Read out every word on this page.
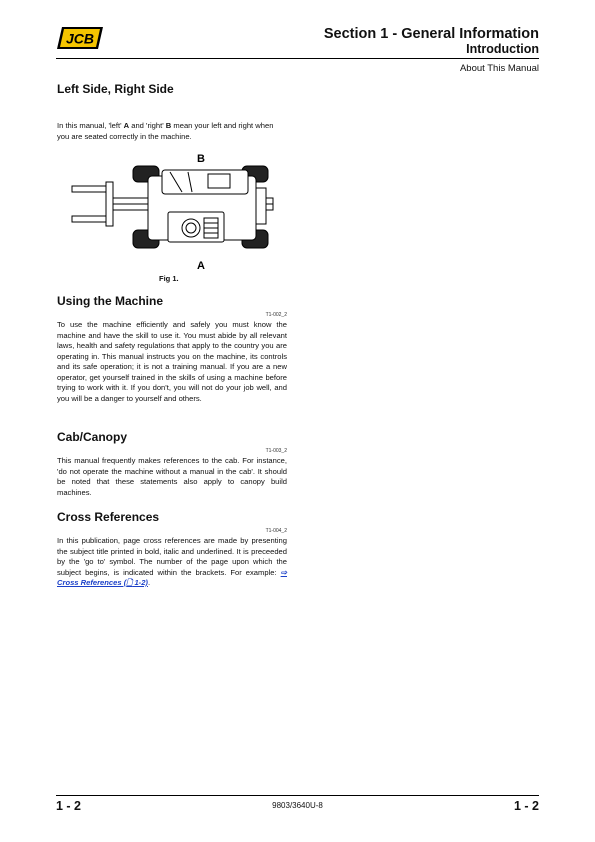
JCB	Section 1 - General Information
Introduction
About This Manual
Left Side, Right Side

In this manual, 'left' A and 'right' B mean your left and right when you are seated correctly in the machine.

B
A
Fig 1.
Using the Machine
T1-002_2

To use the machine efficiently and safely you must know the machine and have the skill to use it. You must abide by all relevant laws, health and safety regulations that apply to the country you are operating in. This manual instructs you on the machine, its controls and its safe operation; it is not a training manual. If you are a new operator, get yourself trained in the skills of using a machine before trying to work with it. If you don't, you will not do your job well, and you will be a danger to yourself and others.

Cab/Canopy
T1-003_2

This manual frequently makes references to the cab. For instance, 'do not operate the machine without a manual in the cab'. It should be noted that these statements also apply to canopy build machines.

Cross References
T1-004_2

In this publication, page cross references are made by presenting the subject title printed in bold, italic and underlined. It is preceeded by the 'go to' symbol. The number of the page upon which the subject begins, is indicated within the brackets. For example: ⇨ Cross References (🗋 1-2).

1 - 2	9803/3640U-8	1 - 2
